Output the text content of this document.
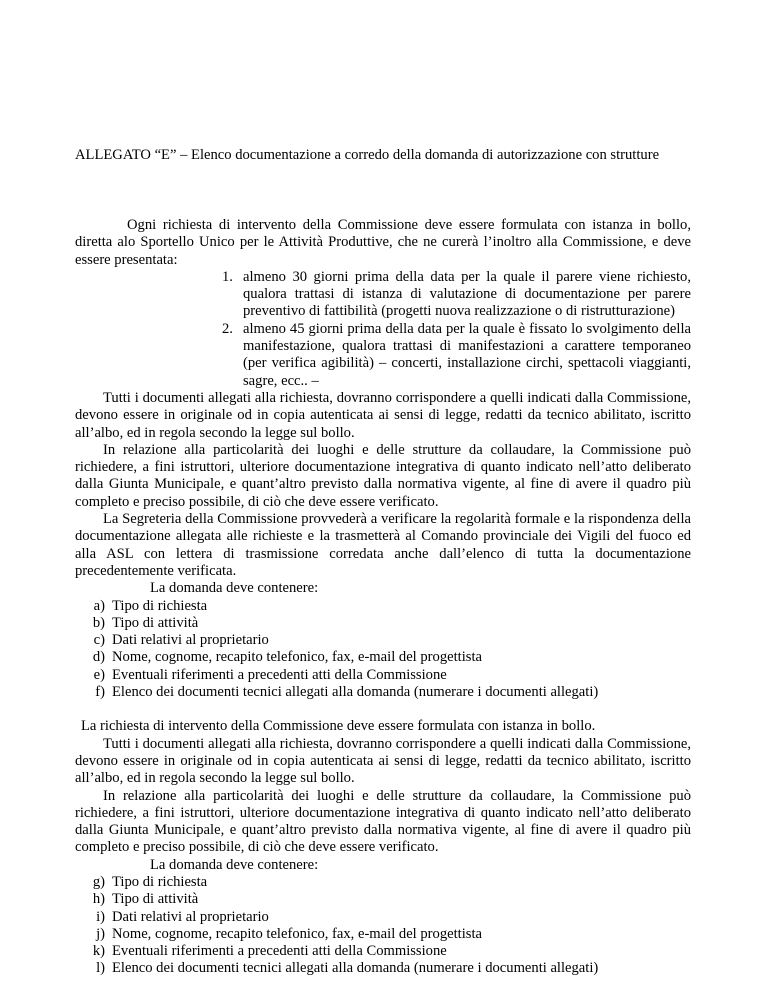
ALLEGATO “E” – Elenco documentazione a corredo della domanda di autorizzazione con strutture

Ogni richiesta di intervento della Commissione deve essere formulata con istanza in bollo, diretta alo Sportello Unico per le Attività Produttive, che ne curerà l’inoltro alla Commissione, e deve essere presentata:

1. almeno 30 giorni prima della data per la quale il parere viene richiesto, qualora trattasi di istanza di valutazione di documentazione per parere preventivo di fattibilità (progetti nuova realizzazione o di ristrutturazione)

2. almeno 45 giorni prima della data per la quale è fissato lo svolgimento della manifestazione, qualora trattasi di manifestazioni a carattere temporaneo (per verifica agibilità) – concerti, installazione circhi, spettacoli viaggianti, sagre, ecc.. –

Tutti i documenti allegati alla richiesta, dovranno corrispondere a quelli indicati dalla Commissione, devono essere in originale od in copia autenticata ai sensi di legge, redatti da tecnico abilitato, iscritto all’albo, ed in regola secondo la legge sul bollo.

In relazione alla particolarità dei luoghi e delle strutture da collaudare, la Commissione può richiedere, a fini istruttori, ulteriore documentazione integrativa di quanto indicato nell’atto deliberato dalla Giunta Municipale, e quant’altro previsto dalla normativa vigente, al fine di avere il quadro più completo e preciso possibile, di ciò che deve essere verificato.

La Segreteria della Commissione provvederà a verificare la regolarità formale e la rispondenza della documentazione allegata alle richieste e la trasmetterà al Comando provinciale dei Vigili del fuoco ed alla ASL con lettera di trasmissione corredata anche dall’elenco di tutta la documentazione precedentemente verificata.

La domanda deve contenere:

a) Tipo di richiesta

b) Tipo di attività

c) Dati relativi al proprietario

d) Nome, cognome, recapito telefonico, fax, e-mail del progettista

e) Eventuali riferimenti a precedenti atti della Commissione

f) Elenco dei documenti tecnici allegati alla domanda (numerare i documenti allegati)

La richiesta di intervento della Commissione deve essere formulata con istanza in bollo.

Tutti i documenti allegati alla richiesta, dovranno corrispondere a quelli indicati dalla Commissione, devono essere in originale od in copia autenticata ai sensi di legge, redatti da tecnico abilitato, iscritto all’albo, ed in regola secondo la legge sul bollo.

In relazione alla particolarità dei luoghi e delle strutture da collaudare, la Commissione può richiedere, a fini istruttori, ulteriore documentazione integrativa di quanto indicato nell’atto deliberato dalla Giunta Municipale, e quant’altro previsto dalla normativa vigente, al fine di avere il quadro più completo e preciso possibile, di ciò che deve essere verificato.

La domanda deve contenere:

g) Tipo di richiesta

h) Tipo di attività

i) Dati relativi al proprietario

j) Nome, cognome, recapito telefonico, fax, e-mail del progettista

k) Eventuali riferimenti a precedenti atti della Commissione

l) Elenco dei documenti tecnici allegati alla domanda (numerare i documenti allegati)
